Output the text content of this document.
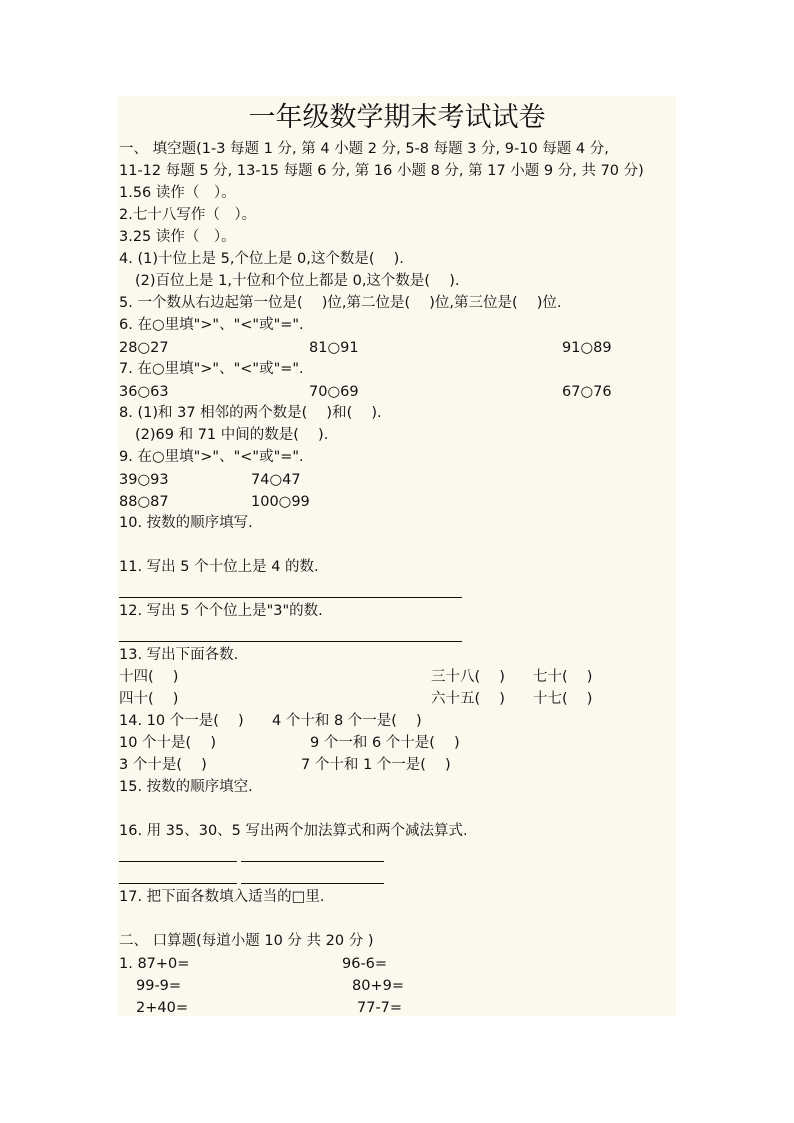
一年级数学期末考试试卷
一、 填空题(1-3 每题 1 分, 第 4 小题 2 分, 5-8 每题 3 分, 9-10 每题 4 分,
11-12 每题 5 分, 13-15 每题 6 分, 第 16 小题 8 分, 第 17 小题 9 分, 共 70 分)
1.56 读作（　）。
2.七十八写作（　）。
3.25 读作（　）。
4. (1)十位上是 5,个位上是 0,这个数是(　 ).
(2)百位上是 1,十位和个位上都是 0,这个数是(　 ).
5. 一个数从右边起第一位是(　 )位,第二位是(　 )位,第三位是(　 )位.
6. 在○里填">"、"<"或"=".
28○27	81○91	91○89
7. 在○里填">"、"<"或"=".
36○63	70○69	67○76
8. (1)和 37 相邻的两个数是(　 )和(　 ).
(2)69 和 71 中间的数是(　 ).
9. 在○里填">"、"<"或"=".
39○93	74○47
88○87	100○99
10. 按数的顺序填写.
11. 写出 5 个十位上是 4 的数.
12. 写出 5 个个位上是"3"的数.
13. 写出下面各数.
十四(　 )	三十八(　 ) 七十(　 )
四十(　 )	六十五(　 ) 十七(　 )
14. 10 个一是(　 ) 4 个十和 8 个一是(　 )
10 个十是(　 )	9 个一和 6 个十是(　 )
3 个十是(　 )	7 个十和 1 个一是(　 )
15. 按数的顺序填空.
16. 用 35、30、5 写出两个加法算式和两个减法算式.
17. 把下面各数填入适当的□里.
二、 口算题(每道小题 10 分 共 20 分 )
1. 87+0=	96-6=
99-9=	80+9=
2+40=	77-7=
